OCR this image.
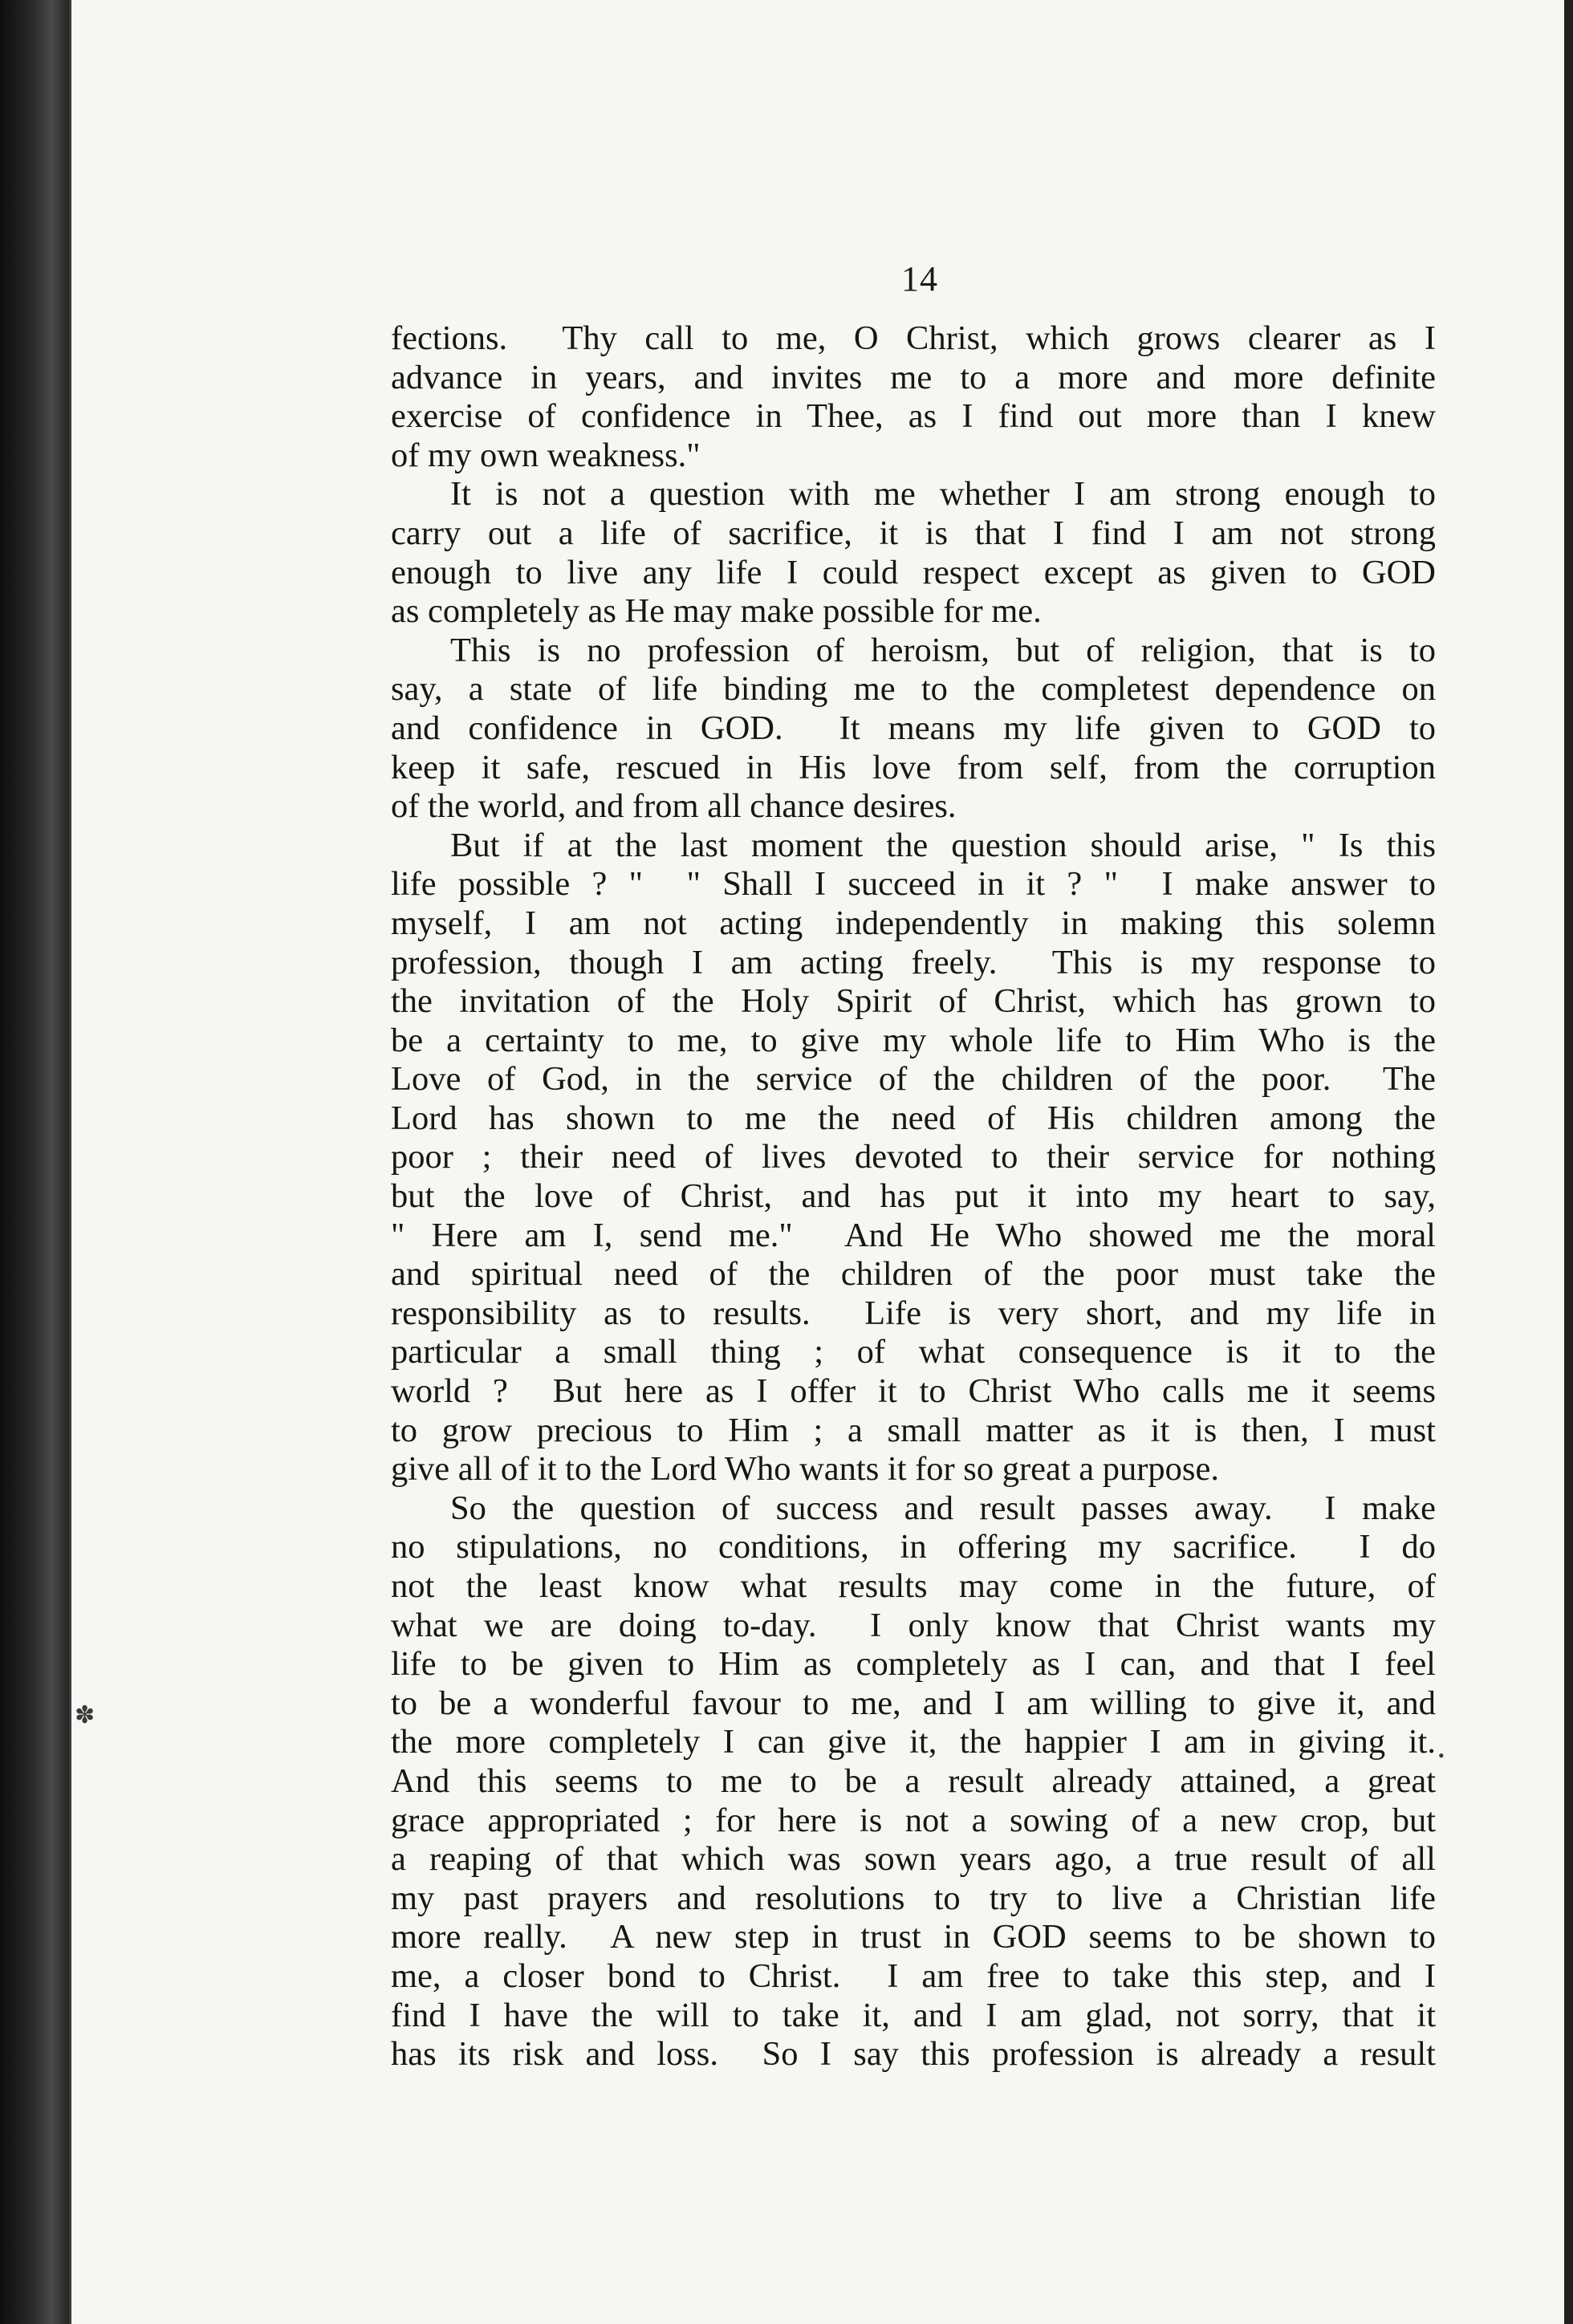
14
fections.  Thy call to me, O Christ, which grows clearer as I
advance in years, and invites me to a more and more definite
exercise of confidence in Thee, as I find out more than I knew
of my own weakness."
It is not a question with me whether I am strong enough to
carry out a life of sacrifice, it is that I find I am not strong
enough to live any life I could respect except as given to GOD
as completely as He may make possible for me.
This is no profession of heroism, but of religion, that is to
say, a state of life binding me to the completest dependence on
and confidence in GOD.  It means my life given to GOD to
keep it safe, rescued in His love from self, from the corruption
of the world, and from all chance desires.
But if at the last moment the question should arise, " Is this
life possible ? "  " Shall I succeed in it ? "  I make answer to
myself, I am not acting independently in making this solemn
profession, though I am acting freely.  This is my response to
the invitation of the Holy Spirit of Christ, which has grown to
be a certainty to me, to give my whole life to Him Who is the
Love of God, in the service of the children of the poor.  The
Lord has shown to me the need of His children among the
poor ; their need of lives devoted to their service for nothing
but the love of Christ, and has put it into my heart to say,
" Here am I, send me."  And He Who showed me the moral
and spiritual need of the children of the poor must take the
responsibility as to results.  Life is very short, and my life in
particular a small thing ; of what consequence is it to the
world ?  But here as I offer it to Christ Who calls me it seems
to grow precious to Him ; a small matter as it is then, I must
give all of it to the Lord Who wants it for so great a purpose.
So the question of success and result passes away.  I make
no stipulations, no conditions, in offering my sacrifice.  I do
not the least know what results may come in the future, of
what we are doing to-day.  I only know that Christ wants my
life to be given to Him as completely as I can, and that I feel
to be a wonderful favour to me, and I am willing to give it, and
the more completely I can give it, the happier I am in giving it.
And this seems to me to be a result already attained, a great
grace appropriated ; for here is not a sowing of a new crop, but
a reaping of that which was sown years ago, a true result of all
my past prayers and resolutions to try to live a Christian life
more really.  A new step in trust in GOD seems to be shown to
me, a closer bond to Christ.  I am free to take this step, and I
find I have the will to take it, and I am glad, not sorry, that it
has its risk and loss.  So I say this profession is already a result
✽
•
